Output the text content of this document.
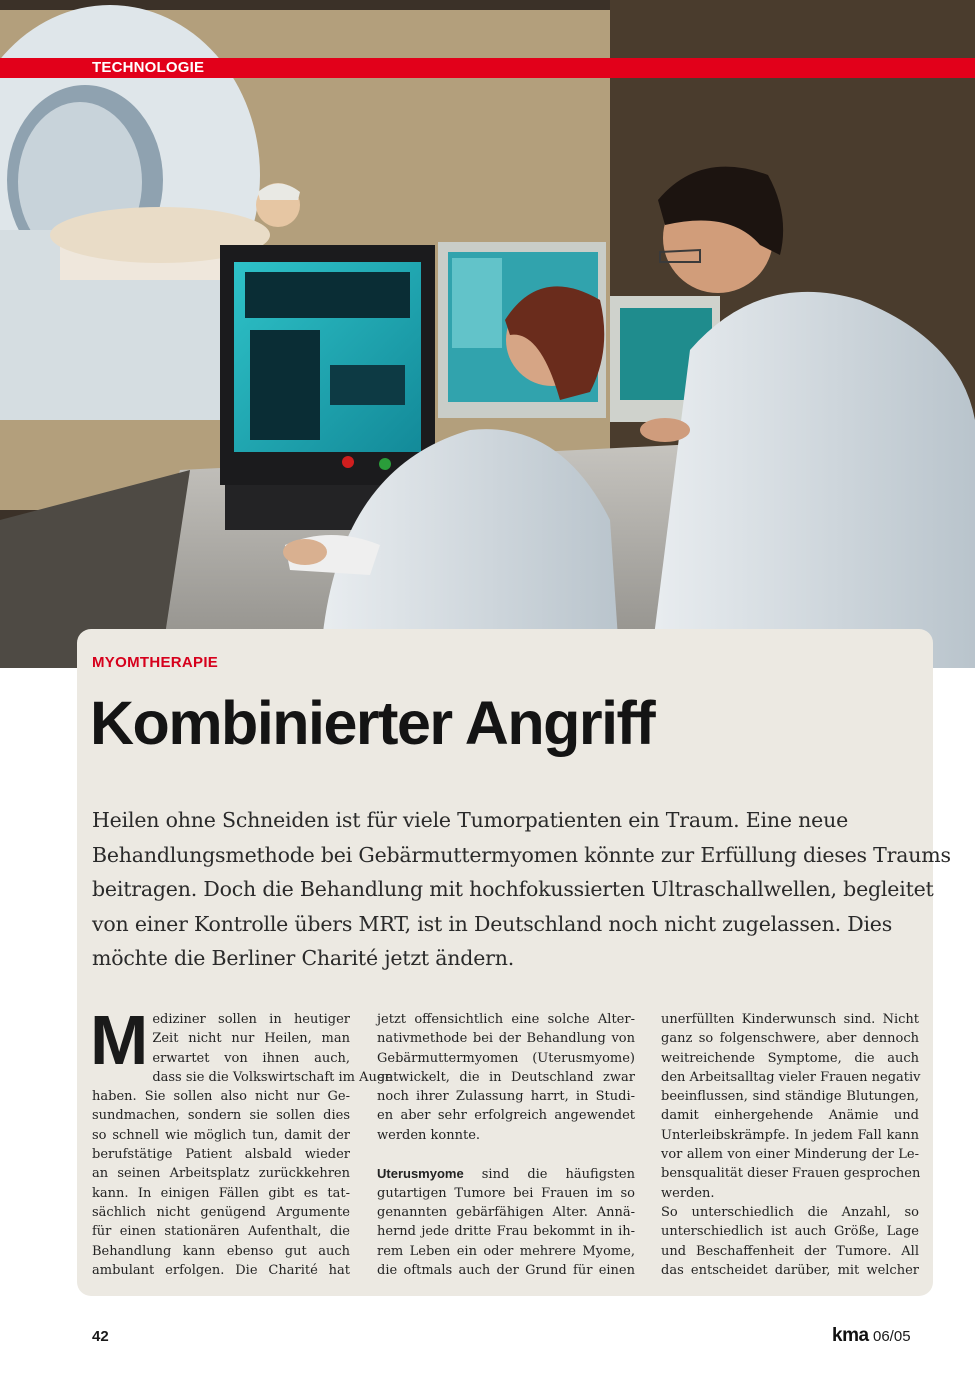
TECHNOLOGIE
MYOMTHERAPIE
Kombinierter Angriff
Heilen ohne Schneiden ist für viele Tumorpatienten ein Traum. Eine neue
Behandlungsmethode bei Gebärmuttermyomen könnte zur Erfüllung dieses Traums
beitragen. Doch die Behandlung mit hochfokussierten Ultraschallwellen, begleitet
von einer Kontrolle übers MRT, ist in Deutschland noch nicht zugelassen. Dies
möchte die Berliner Charité jetzt ändern.
M ediziner sollen in heutiger
Zeit nicht nur Heilen, man
erwartet von ihnen auch,
dass sie die Volkswirtschaft im Auge
haben. Sie sollen also nicht nur Ge-
sundmachen, sondern sie sollen dies
so schnell wie möglich tun, damit der
berufstätige Patient alsbald wieder
an seinen Arbeitsplatz zurückkehren
kann. In einigen Fällen gibt es tat-
sächlich nicht genügend Argumente
für einen stationären Aufenthalt, die
Behandlung kann ebenso gut auch
ambulant erfolgen. Die Charité hat
jetzt offensichtlich eine solche Alter-
nativmethode bei der Behandlung von
Gebärmuttermyomen (Uterusmyome)
entwickelt, die in Deutschland zwar
noch ihrer Zulassung harrt, in Studi-
en aber sehr erfolgreich angewendet
werden konnte.
Uterusmyome sind die häufigsten
gutartigen Tumore bei Frauen im so
genannten gebärfähigen Alter. Annä-
hernd jede dritte Frau bekommt in ih-
rem Leben ein oder mehrere Myome,
die oftmals auch der Grund für einen
unerfüllten Kinderwunsch sind. Nicht
ganz so folgenschwere, aber dennoch
weitreichende Symptome, die auch
den Arbeitsalltag vieler Frauen negativ
beeinflussen, sind ständige Blutungen,
damit einhergehende Anämie und
Unterleibskrämpfe. In jedem Fall kann
vor allem von einer Minderung der Le-
bensqualität dieser Frauen gesprochen
werden.
So unterschiedlich die Anzahl, so
unterschiedlich ist auch Größe, Lage
und Beschaffenheit der Tumore. All
das entscheidet darüber, mit welcher
42	kma 06/05
